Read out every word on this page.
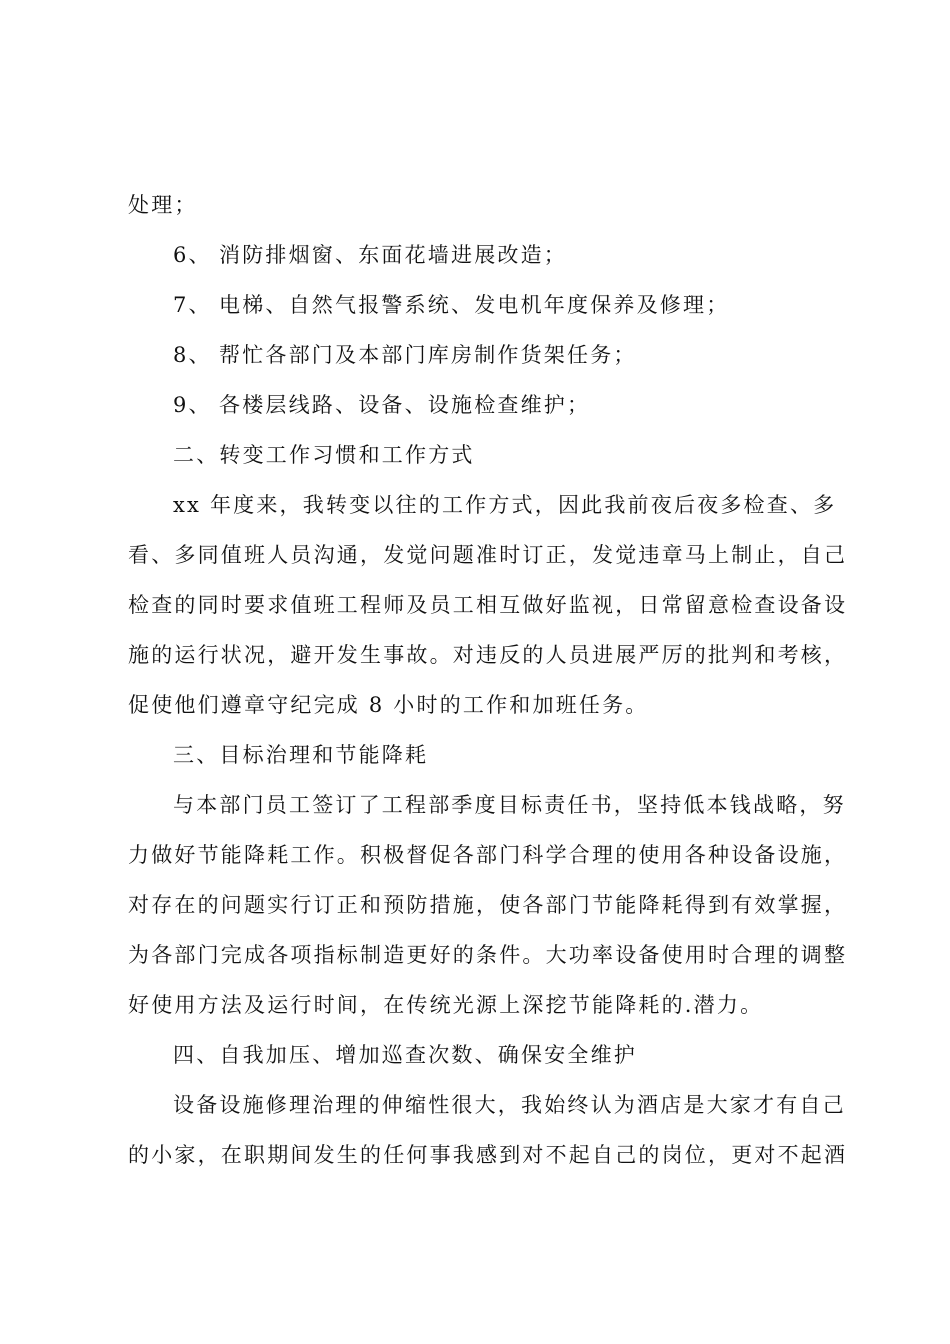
处理；
6、 消防排烟窗、东面花墙进展改造；
7、 电梯、自然气报警系统、发电机年度保养及修理；
8、 帮忙各部门及本部门库房制作货架任务；
9、 各楼层线路、设备、设施检查维护；
二、转变工作习惯和工作方式
xx 年度来，我转变以往的工作方式，因此我前夜后夜多检查、多
看、多同值班人员沟通，发觉问题准时订正，发觉违章马上制止，自己
检查的同时要求值班工程师及员工相互做好监视，日常留意检查设备设
施的运行状况，避开发生事故。对违反的人员进展严厉的批判和考核，
促使他们遵章守纪完成 8 小时的工作和加班任务。
三、目标治理和节能降耗
与本部门员工签订了工程部季度目标责任书，坚持低本钱战略，努
力做好节能降耗工作。积极督促各部门科学合理的使用各种设备设施，
对存在的问题实行订正和预防措施，使各部门节能降耗得到有效掌握，
为各部门完成各项指标制造更好的条件。大功率设备使用时合理的调整
好使用方法及运行时间，在传统光源上深挖节能降耗的.潜力。
四、自我加压、增加巡查次数、确保安全维护
设备设施修理治理的伸缩性很大，我始终认为酒店是大家才有自己
的小家，在职期间发生的任何事我感到对不起自己的岗位，更对不起酒
